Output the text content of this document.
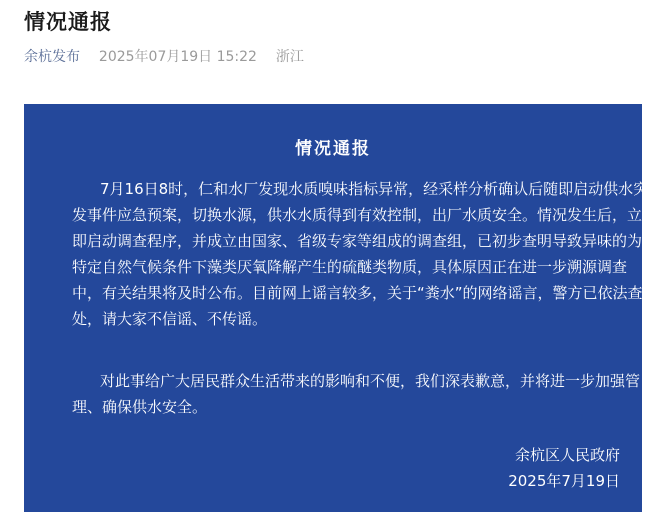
情况通报
余杭发布 2025年07月19日 15:22 浙江
情况通报
7月16日8时，仁和水厂发现水质嗅味指标异常，经采样分析确认后随即启动供水突
发事件应急预案，切换水源，供水水质得到有效控制，出厂水质安全。情况发生后，立
即启动调查程序，并成立由国家、省级专家等组成的调查组，已初步查明导致异味的为
特定自然气候条件下藻类厌氧降解产生的硫醚类物质，具体原因正在进一步溯源调查
中，有关结果将及时公布。目前网上谣言较多，关于“粪水”的网络谣言，警方已依法查
处，请大家不信谣、不传谣。
对此事给广大居民群众生活带来的影响和不便，我们深表歉意，并将进一步加强管
理、确保供水安全。
余杭区人民政府
2025年7月19日
